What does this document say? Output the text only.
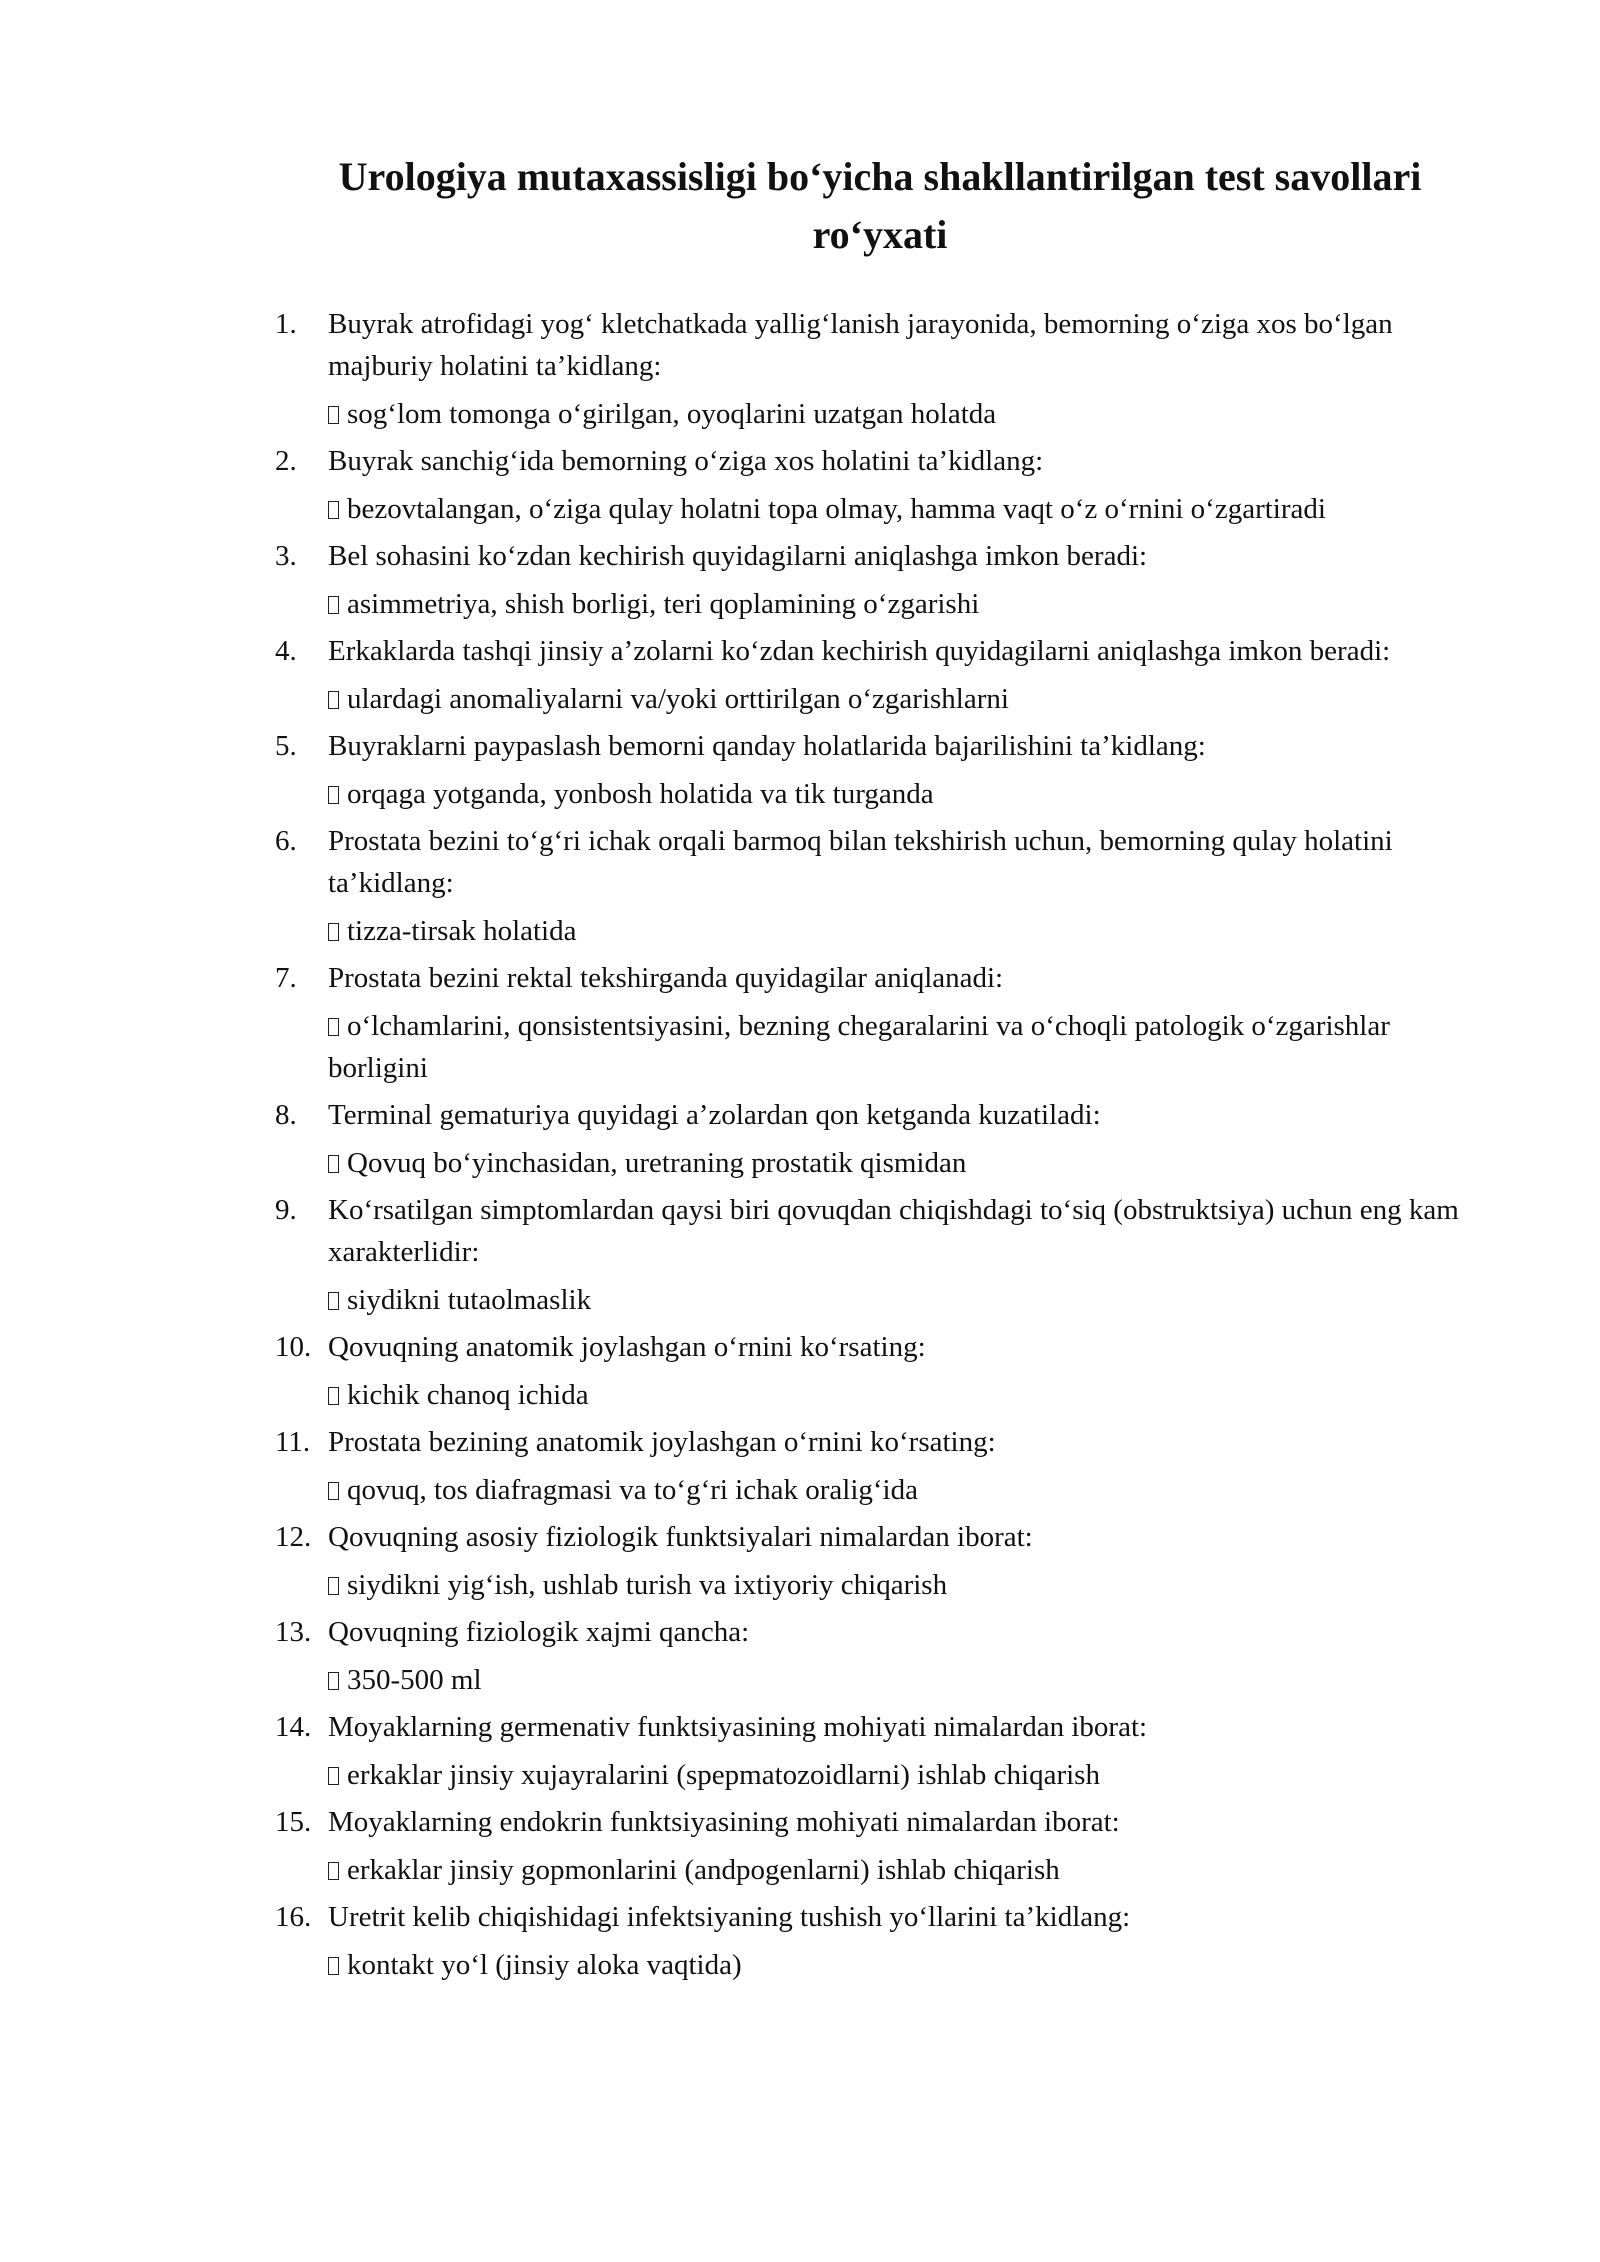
Urologiya mutaxassisligi bo‘yicha shakllantirilgan test savollari ro‘yxati
1.	Buyrak atrofidagi yog‘ kletchatkada yallig‘lanish jarayonida, bemorning o‘ziga xos bo‘lgan majburiy holatini ta’kidlang:
sog‘lom tomonga o‘girilgan, oyoqlarini uzatgan holatda
2.	Buyrak sanchig‘ida bemorning o‘ziga xos holatini ta’kidlang:
bezovtalangan, o‘ziga qulay holatni topa olmay, hamma vaqt o‘z o‘rnini o‘zgartiradi
3.	Bel sohasini ko‘zdan kechirish quyidagilarni aniqlashga imkon beradi:
asimmetriya, shish borligi, teri qoplamining o‘zgarishi
4.	Erkaklarda tashqi jinsiy a’zolarni ko‘zdan kechirish quyidagilarni aniqlashga imkon beradi:
ulardagi anomaliyalarni va/yoki orttirilgan o‘zgarishlarni
5.	Buyraklarni paypaslash bemorni qanday holatlarida bajarilishini ta’kidlang:
orqaga yotganda, yonbosh holatida va tik turganda
6.	Prostata bezini to‘g‘ri ichak orqali barmoq bilan tekshirish uchun, bemorning qulay holatini ta’kidlang:
tizza-tirsak holatida
7.	Prostata bezini rektal tekshirganda quyidagilar aniqlanadi:
o‘lchamlarini, qonsistentsiyasini, bezning chegaralarini va o‘choqli patologik o‘zgarishlar borligini
8.	Terminal gematuriya quyidagi a’zolardan qon ketganda kuzatiladi:
Qovuq bo‘yinchasidan, uretraning prostatik qismidan
9.	Ko‘rsatilgan simptomlardan qaysi biri qovuqdan chiqishdagi to‘siq (obstruktsiya) uchun eng kam xarakterlidir:
siydikni tutaolmaslik
10. Qovuqning anatomik joylashgan o‘rnini ko‘rsating:
kichik chanoq ichida
11. Prostata bezining anatomik joylashgan o‘rnini ko‘rsating:
qovuq, tos diafragmasi va to‘g‘ri ichak oralig‘ida
12. Qovuqning asosiy fiziologik funktsiyalari nimalardan iborat:
siydikni yig‘ish, ushlab turish va ixtiyoriy chiqarish
13. Qovuqning fiziologik xajmi qancha:
350-500 ml
14. Moyaklarning germenativ funktsiyasining mohiyati nimalardan iborat:
erkaklar jinsiy xujayralarini (spepmatozoidlarni) ishlab chiqarish
15. Moyaklarning endokrin funktsiyasining mohiyati nimalardan iborat:
erkaklar jinsiy gopmonlarini (andpogenlarni) ishlab chiqarish
16. Uretrit kelib chiqishidagi infektsiyaning tushish yo‘llarini ta’kidlang:
kontakt yo‘l (jinsiy aloka vaqtida)
